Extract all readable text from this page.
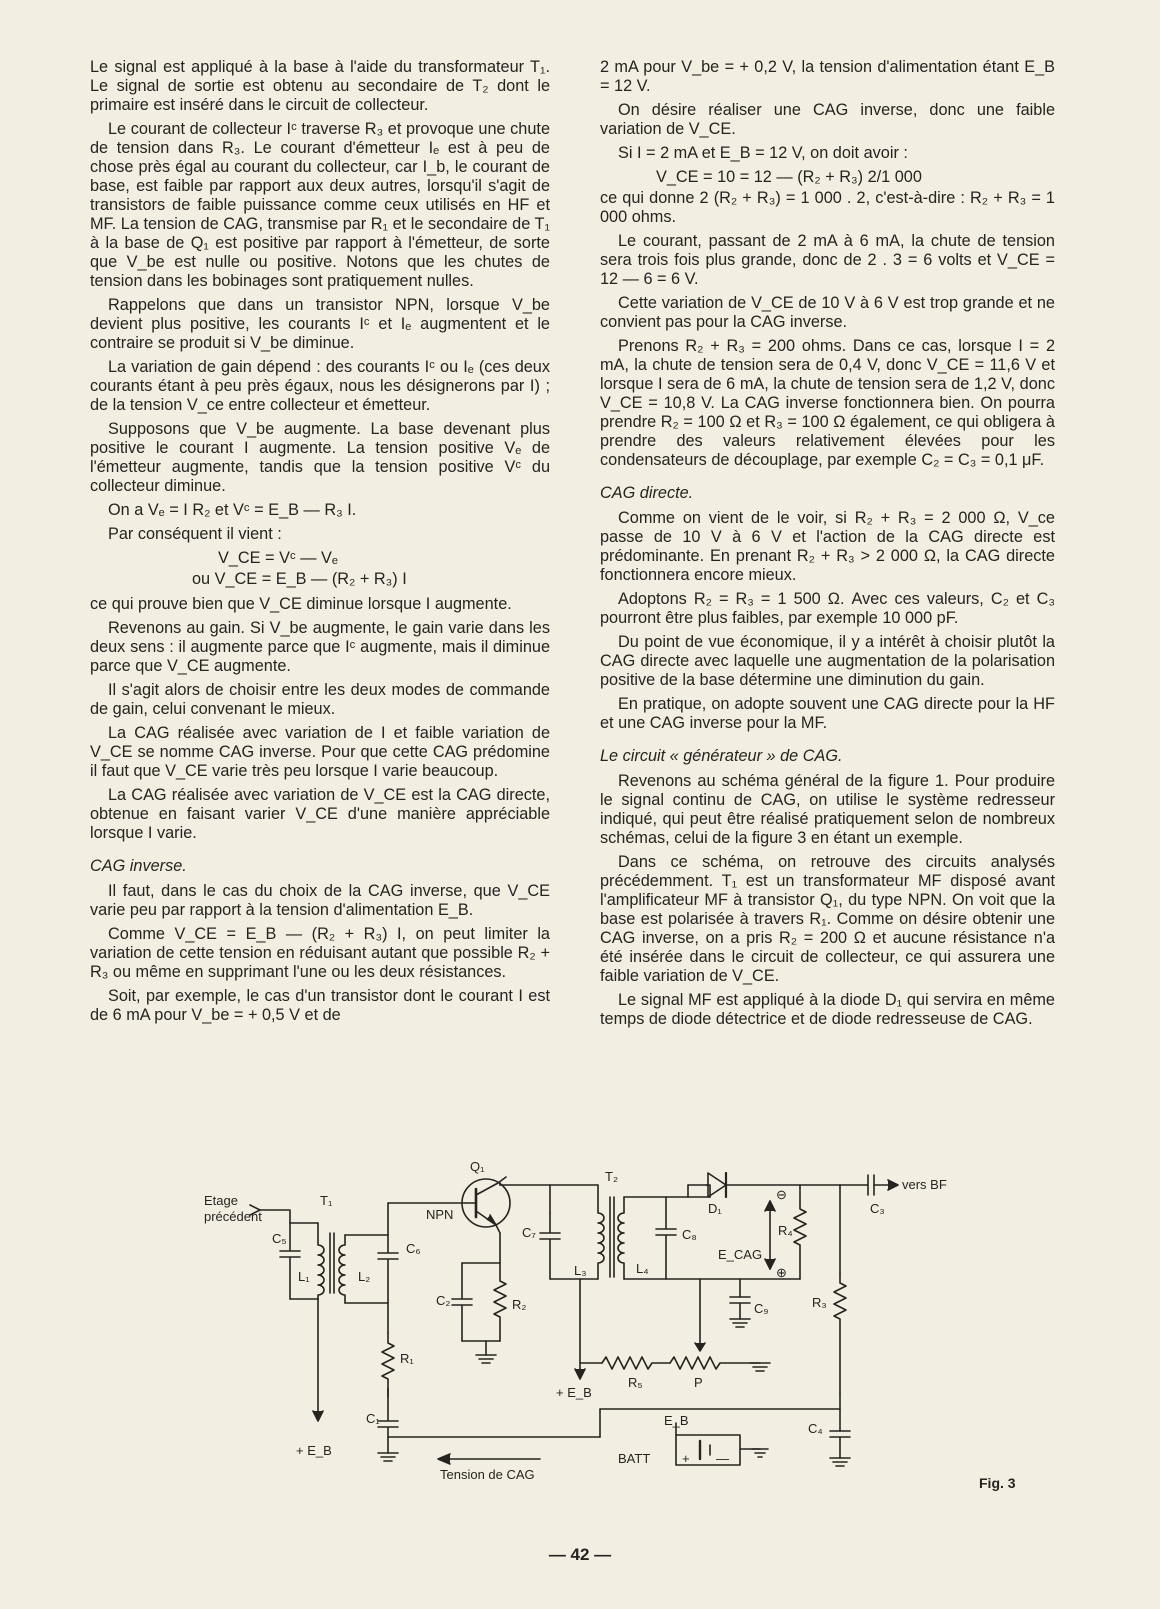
Le signal est appliqué à la base à l'aide du transformateur T₁. Le signal de sortie est obtenu au secondaire de T₂ dont le primaire est inséré dans le circuit de collecteur.

Le courant de collecteur Iᶜ traverse R₃ et provoque une chute de tension dans R₃. Le courant d'émetteur Iₑ est à peu de chose près égal au courant du collecteur, car I_b, le courant de base, est faible par rapport aux deux autres, lorsqu'il s'agit de transistors de faible puissance comme ceux utilisés en HF et MF. La tension de CAG, transmise par R₁ et le secondaire de T₁ à la base de Q₁ est positive par rapport à l'émetteur, de sorte que V_be est nulle ou positive. Notons que les chutes de tension dans les bobinages sont pratiquement nulles.

Rappelons que dans un transistor NPN, lorsque V_be devient plus positive, les courants Iᶜ et Iₑ augmentent et le contraire se produit si V_be diminue.

La variation de gain dépend : des courants Iᶜ ou Iₑ (ces deux courants étant à peu près égaux, nous les désignerons par I) ; de la tension V_ce entre collecteur et émetteur.

Supposons que V_be augmente. La base devenant plus positive le courant I augmente. La tension positive Vₑ de l'émetteur augmente, tandis que la tension positive Vᶜ du collecteur diminue.

On a Vₑ = I R₂ et Vᶜ = E_B — R₃ I.

Par conséquent il vient :

V_CE = Vᶜ — Vₑ

ou V_CE = E_B — (R₂ + R₃) I

ce qui prouve bien que V_CE diminue lorsque I augmente.

Revenons au gain. Si V_be augmente, le gain varie dans les deux sens : il augmente parce que Iᶜ augmente, mais il diminue parce que V_CE augmente.

Il s'agit alors de choisir entre les deux modes de commande de gain, celui convenant le mieux.

La CAG réalisée avec variation de I et faible variation de V_CE se nomme CAG inverse. Pour que cette CAG prédomine il faut que V_CE varie très peu lorsque I varie beaucoup.

La CAG réalisée avec variation de V_CE est la CAG directe, obtenue en faisant varier V_CE d'une manière appréciable lorsque I varie.

CAG inverse.

Il faut, dans le cas du choix de la CAG inverse, que V_CE varie peu par rapport à la tension d'alimentation E_B.

Comme V_CE = E_B — (R₂ + R₃) I, on peut limiter la variation de cette tension en réduisant autant que possible R₂ + R₃ ou même en supprimant l'une ou les deux résistances.

Soit, par exemple, le cas d'un transistor dont le courant I est de 6 mA pour V_be = + 0,5 V et de

2 mA pour V_be = + 0,2 V, la tension d'alimentation étant E_B = 12 V.

On désire réaliser une CAG inverse, donc une faible variation de V_CE.

Si I = 2 mA et E_B = 12 V, on doit avoir :

V_CE = 10 = 12 — (R₂ + R₃) 2/1 000

ce qui donne 2 (R₂ + R₃) = 1 000 . 2, c'est-à-dire : R₂ + R₃ = 1 000 ohms.

Le courant, passant de 2 mA à 6 mA, la chute de tension sera trois fois plus grande, donc de 2 . 3 = 6 volts et V_CE = 12 — 6 = 6 V.

Cette variation de V_CE de 10 V à 6 V est trop grande et ne convient pas pour la CAG inverse.

Prenons R₂ + R₃ = 200 ohms. Dans ce cas, lorsque I = 2 mA, la chute de tension sera de 0,4 V, donc V_CE = 11,6 V et lorsque I sera de 6 mA, la chute de tension sera de 1,2 V, donc V_CE = 10,8 V. La CAG inverse fonctionnera bien. On pourra prendre R₂ = 100 Ω et R₃ = 100 Ω également, ce qui obligera à prendre des valeurs relativement élevées pour les condensateurs de découplage, par exemple C₂ = C₃ = 0,1 μF.

CAG directe.

Comme on vient de le voir, si R₂ + R₃ = 2 000 Ω, V_ce passe de 10 V à 6 V et l'action de la CAG directe est prédominante. En prenant R₂ + R₃ > 2 000 Ω, la CAG directe fonctionnera encore mieux.

Adoptons R₂ = R₃ = 1 500 Ω. Avec ces valeurs, C₂ et C₃ pourront être plus faibles, par exemple 10 000 pF.

Du point de vue économique, il y a intérêt à choisir plutôt la CAG directe avec laquelle une augmentation de la polarisation positive de la base détermine une diminution du gain.

En pratique, on adopte souvent une CAG directe pour la HF et une CAG inverse pour la MF.

Le circuit « générateur » de CAG.

Revenons au schéma général de la figure 1. Pour produire le signal continu de CAG, on utilise le système redresseur indiqué, qui peut être réalisé pratiquement selon de nombreux schémas, celui de la figure 3 en étant un exemple.

Dans ce schéma, on retrouve des circuits analysés précédemment. T₁ est un transformateur MF disposé avant l'amplificateur MF à transistor Q₁, du type NPN. On voit que la base est polarisée à travers R₁. Comme on désire obtenir une CAG inverse, on a pris R₂ = 200 Ω et aucune résistance n'a été insérée dans le circuit de collecteur, ce qui assurera une faible variation de V_CE.

Le signal MF est appliqué à la diode D₁ qui servira en même temps de diode détectrice et de diode redresseuse de CAG.

Etage
précédent
T₁
T₂
Q₁
NPN
C₅
L₁	L₂
C₆
C₇
L₃	L₄
C₈
D₁
E_CAG
⊖
⊕
R₄
C₃
vers BF
R₃
C₉
C₂	R₂
R₁
C₁
R₅	P
+ E_B
+ E_B
E_B
BATT + —
C₄
Tension de CAG
Fig. 3
— 42 —
